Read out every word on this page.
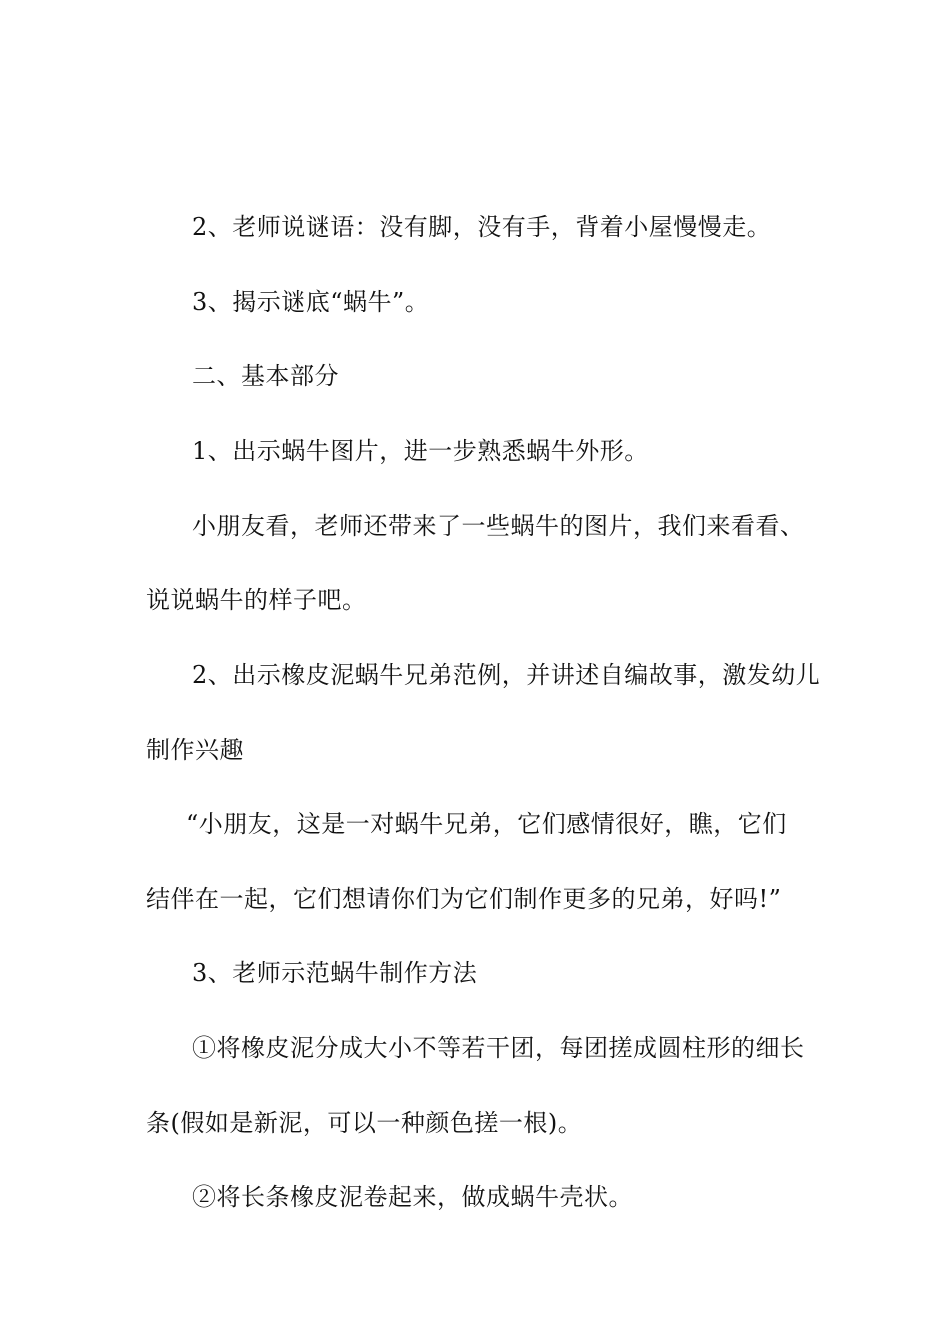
2、老师说谜语：没有脚，没有手，背着小屋慢慢走。
3、揭示谜底“蜗牛”。
二、基本部分
1、出示蜗牛图片，进一步熟悉蜗牛外形。
小朋友看，老师还带来了一些蜗牛的图片，我们来看看、
说说蜗牛的样子吧。
2、出示橡皮泥蜗牛兄弟范例，并讲述自编故事，激发幼儿
制作兴趣
“小朋友，这是一对蜗牛兄弟，它们感情很好，瞧，它们
结伴在一起，它们想请你们为它们制作更多的兄弟，好吗!”
3、老师示范蜗牛制作方法
①将橡皮泥分成大小不等若干团，每团搓成圆柱形的细长
条(假如是新泥，可以一种颜色搓一根)。
②将长条橡皮泥卷起来，做成蜗牛壳状。
